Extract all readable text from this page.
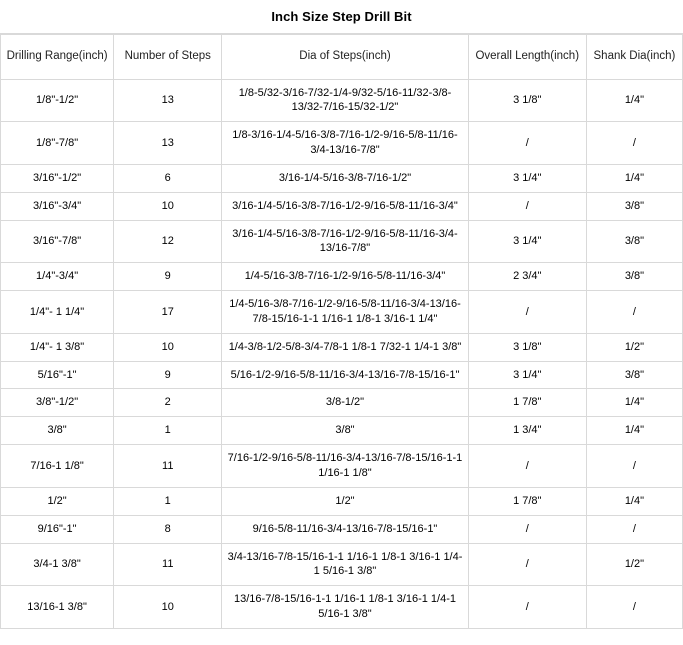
Inch Size Step Drill Bit
Drilling Range(inch)	Number of Steps	Dia of Steps(inch)	Overall Length(inch)	Shank Dia(inch)
1/8"-1/2"	13	1/8-5/32-3/16-7/32-1/4-9/32-5/16-11/32-3/8-13/32-7/16-15/32-1/2"	3 1/8"	1/4"
1/8"-7/8"	13	1/8-3/16-1/4-5/16-3/8-7/16-1/2-9/16-5/8-11/16-3/4-13/16-7/8"	/	/
3/16"-1/2"	6	3/16-1/4-5/16-3/8-7/16-1/2"	3 1/4"	1/4"
3/16"-3/4"	10	3/16-1/4-5/16-3/8-7/16-1/2-9/16-5/8-11/16-3/4"	/	3/8"
3/16"-7/8"	12	3/16-1/4-5/16-3/8-7/16-1/2-9/16-5/8-11/16-3/4-13/16-7/8"	3 1/4"	3/8"
1/4"-3/4"	9	1/4-5/16-3/8-7/16-1/2-9/16-5/8-11/16-3/4"	2 3/4"	3/8"
1/4"- 1 1/4"	17	1/4-5/16-3/8-7/16-1/2-9/16-5/8-11/16-3/4-13/16-7/8-15/16-1-1 1/16-1 1/8-1 3/16-1 1/4"	/	/
1/4"- 1 3/8"	10	1/4-3/8-1/2-5/8-3/4-7/8-1 1/8-1 7/32-1 1/4-1 3/8"	3 1/8"	1/2"
5/16"-1"	9	5/16-1/2-9/16-5/8-11/16-3/4-13/16-7/8-15/16-1"	3 1/4"	3/8"
3/8"-1/2"	2	3/8-1/2"	1 7/8"	1/4"
3/8"	1	3/8"	1 3/4"	1/4"
7/16-1 1/8"	11	7/16-1/2-9/16-5/8-11/16-3/4-13/16-7/8-15/16-1-1 1/16-1 1/8"	/	/
1/2"	1	1/2"	1 7/8"	1/4"
9/16"-1"	8	9/16-5/8-11/16-3/4-13/16-7/8-15/16-1"	/	/
3/4-1 3/8"	11	3/4-13/16-7/8-15/16-1-1 1/16-1 1/8-1 3/16-1 1/4-1 5/16-1 3/8"	/	1/2"
13/16-1 3/8"	10	13/16-7/8-15/16-1-1 1/16-1 1/8-1 3/16-1 1/4-1 5/16-1 3/8"	/	/
